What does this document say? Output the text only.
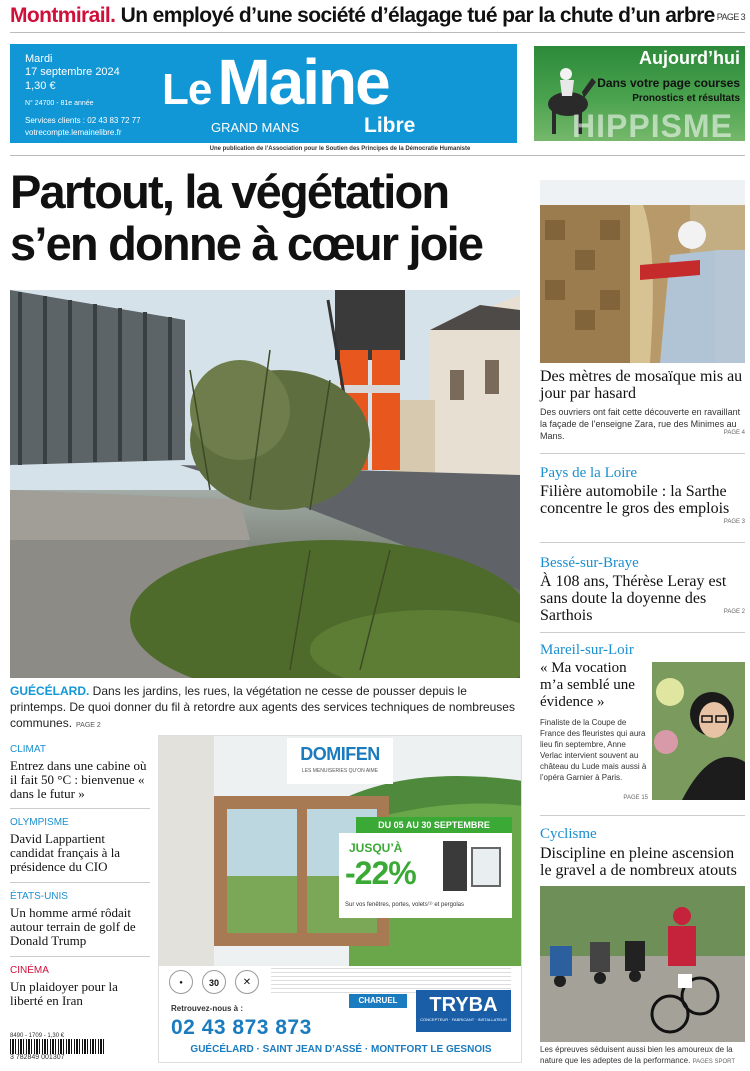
Montmirail. Un employé d’une société d’élagage tué par la chute d’un arbre PAGE 3
Mardi
17 septembre 2024
1,30 €
N° 24700 - 81e année
Services clients : 02 43 83 72 77
votrecompte.lemainelibre.fr
LeMaine
GRAND MANS	Libre
Une publication de l’Association pour le Soutien des Principes de la Démocratie Humaniste
Aujourd’hui
Dans votre page courses
Pronostics et résultats
HIPPISME
Partout, la végétation
s’en donne à cœur joie
GUÉCÉLARD. Dans les jardins, les rues, la végétation ne cesse de pousser depuis le printemps. De quoi donner du fil à retordre aux agents des services techniques de nombreuses communes. PAGE 2
Des mètres de mosaïque mis au jour par hasard
Des ouvriers ont fait cette découverte en ravaillant la façade de l’enseigne Zara, rue des Minimes au Mans.	PAGE 4
Pays de la Loire
Filière automobile : la Sarthe concentre le gros des emplois
PAGE 3
Bessé-sur-Braye
À 108 ans, Thérèse Leray est sans doute la doyenne des Sarthois	PAGE 2
Mareil-sur-Loir
« Ma vocation m’a semblé une évidence »
Finaliste de la Coupe de France des fleuristes qui aura lieu fin septembre, Anne Verlac intervient souvent au château du Lude mais aussi à l’opéra Garnier à Paris.
PAGE 15
Cyclisme
Discipline en pleine ascension le gravel a de nombreux atouts
Les épreuves séduisent aussi bien les amoureux de la nature que les adeptes de la performance. PAGES SPORT
CLIMAT
Entrez dans une cabine où il fait 50 °C : bienvenue « dans le futur »
OLYMPISME
David Lappartient candidat français à la présidence du CIO
ÉTATS-UNIS
Un homme armé rôdait autour terrain de golf de Donald Trump
CINÉMA
Un plaidoyer pour la liberté en Iran
8490 - 1709 - 1,30 €
3 782849 001307
DOMIFEN
LES MENUISERIES QU’ON AIME
DU 05 AU 30 SEPTEMBRE
JUSQU’À
-22%
Sur vos fenêtres, portes, volets⁽¹⁾ et pergolas
●	30	✕
Retrouvez-nous à :
02 43 873 873
CHARUEL	TRYBA
CONCEPTEUR · FABRICANT · INSTALLATEUR
GUÉCÉLARD · SAINT JEAN D’ASSÉ · MONTFORT LE GESNOIS
